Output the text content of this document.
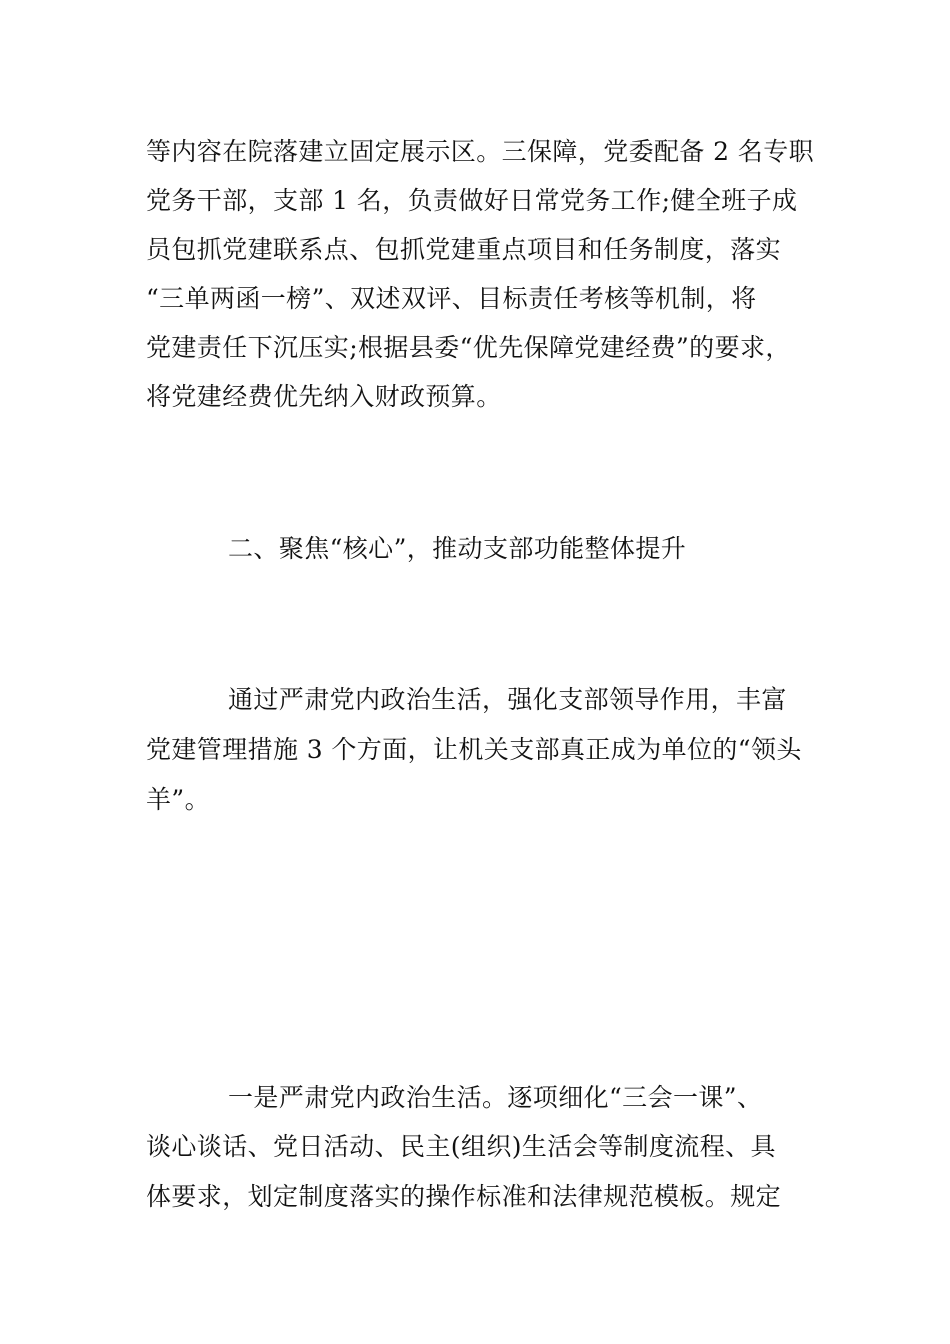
等内容在院落建立固定展示区。三保障，党委配备 2 名专职
党务干部，支部 1 名，负责做好日常党务工作;健全班子成
员包抓党建联系点、包抓党建重点项目和任务制度，落实
“三单两函一榜”、双述双评、目标责任考核等机制，将
党建责任下沉压实;根据县委“优先保障党建经费”的要求，
将党建经费优先纳入财政预算。
二、聚焦“核心”，推动支部功能整体提升
通过严肃党内政治生活，强化支部领导作用，丰富
党建管理措施 3 个方面，让机关支部真正成为单位的“领头
羊”。
一是严肃党内政治生活。逐项细化“三会一课”、
谈心谈话、党日活动、民主(组织)生活会等制度流程、具
体要求，划定制度落实的操作标准和法律规范模板。规定
